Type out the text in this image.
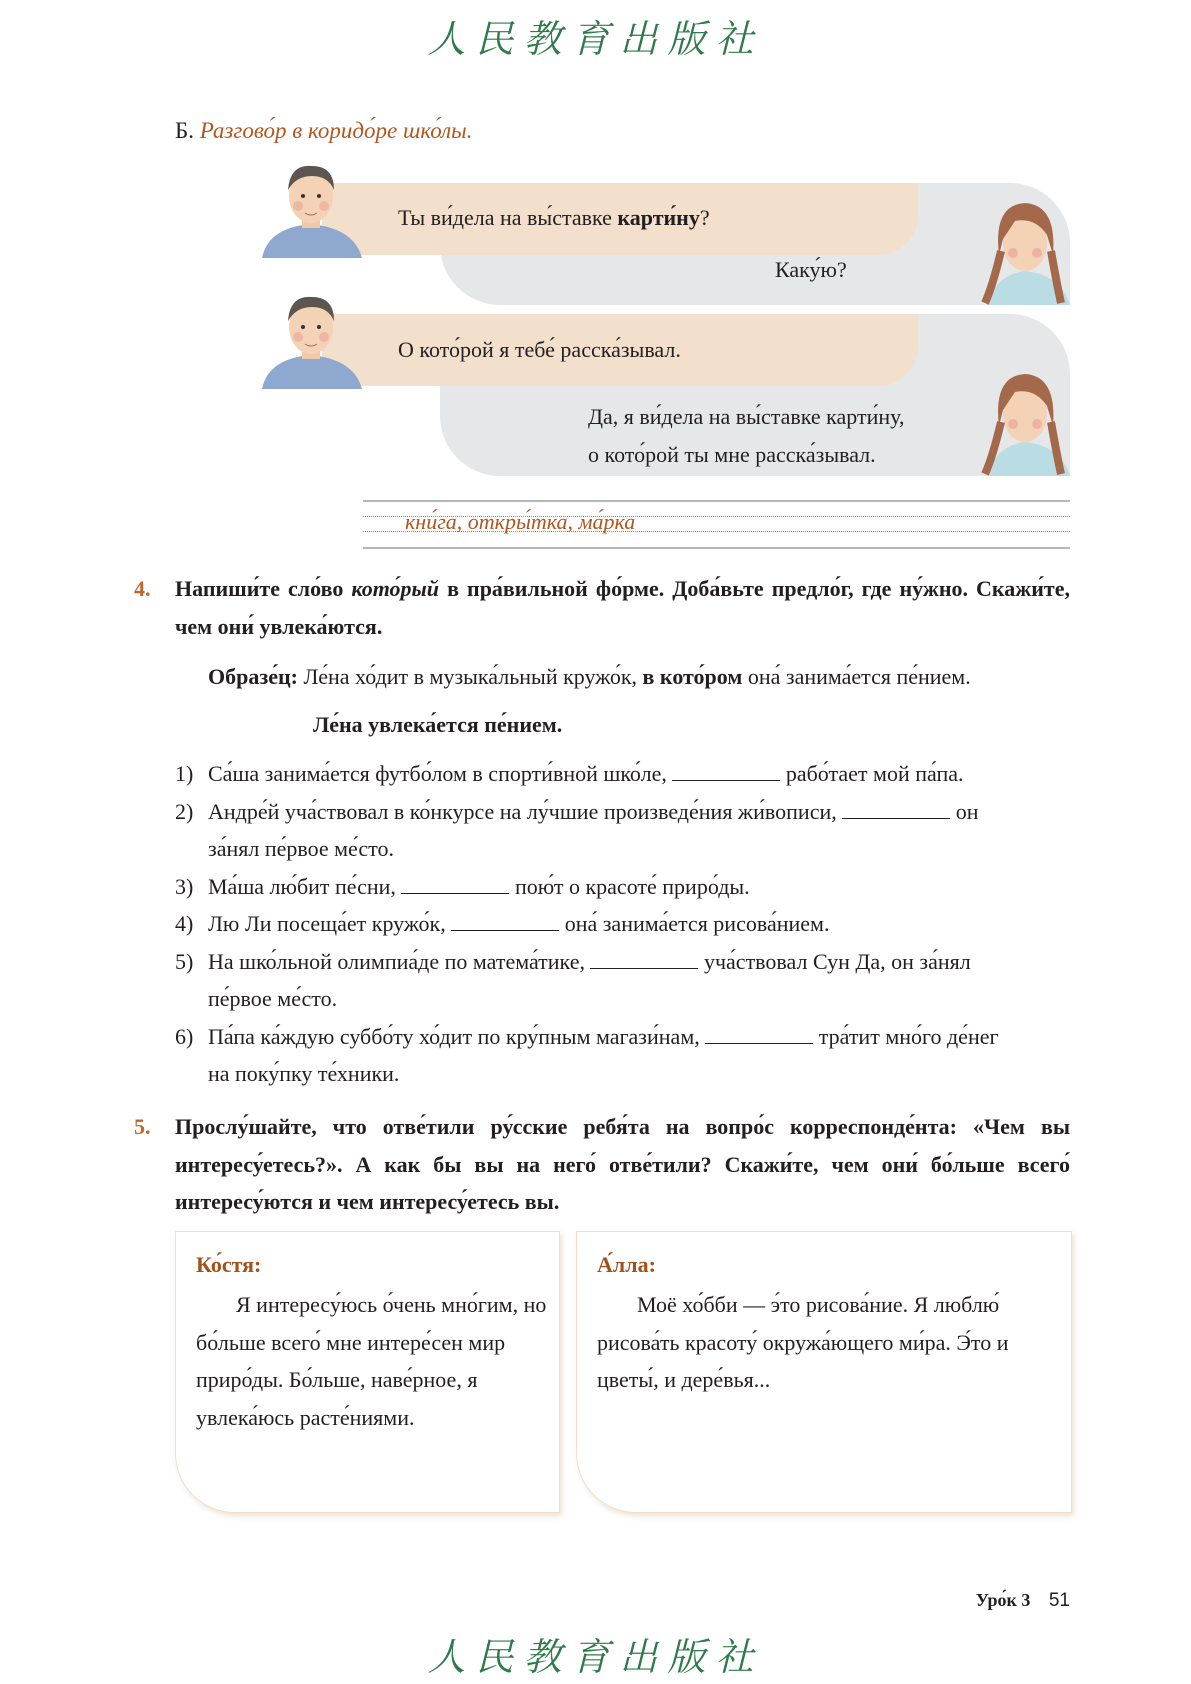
人民教育出版社
Б. Разгово́р в коридо́ре шко́лы.
Каку́ю?
Ты ви́дела на вы́ставке карти́ну?
Да, я ви́дела на вы́ставке карти́ну,
о кото́рой ты мне расска́зывал.
О кото́рой я тебе́ расска́зывал.
кни́га, откры́тка, ма́рка
4. Напиши́те сло́во кото́рый в пра́вильной фо́рме. Доба́вьте предло́г, где ну́жно. Скажи́те, чем они́ увлека́ются.
Образе́ц: Ле́на хо́дит в музыка́льный кружо́к, в кото́ром она́ занима́ется пе́нием.
Ле́на увлека́ется пе́нием.
1) Са́ша занима́ется футбо́лом в спорти́вной шко́ле,	рабо́тает мой па́па.
2) Андре́й уча́ствовал в ко́нкурсе на лу́чшие произведе́ния жи́вописи,	он
за́нял пе́рвое ме́сто.
3) Ма́ша лю́бит пе́сни,	пою́т о красоте́ приро́ды.
4) Лю Ли посеща́ет кружо́к,	она́ занима́ется рисова́нием.
5) На шко́льной олимпиа́де по матема́тике,	уча́ствовал Сун Да, он за́нял
пе́рвое ме́сто.
6) Па́па ка́ждую суббо́ту хо́дит по кру́пным магази́нам,	тра́тит мно́го де́нег
на поку́пку те́хники.
5. Прослу́шайте, что отве́тили ру́сские ребя́та на вопро́с корреспонде́нта: «Чем вы интересу́етесь?». А как бы вы на него́ отве́тили? Скажи́те, чем они́ бо́льше всего́ интересу́ются и чем интересу́етесь вы.
Ко́стя:
Я интересу́юсь о́чень мно́гим, но бо́льше всего́ мне интере́сен мир приро́ды. Бо́льше, наве́рное, я увлека́юсь расте́ниями.
А́лла:
Моё хо́бби — э́то рисова́ние. Я люблю́ рисова́ть красоту́ окружа́ющего ми́ра. Э́то и цветы́, и дере́вья...
Уро́к 3 51
人民教育出版社
